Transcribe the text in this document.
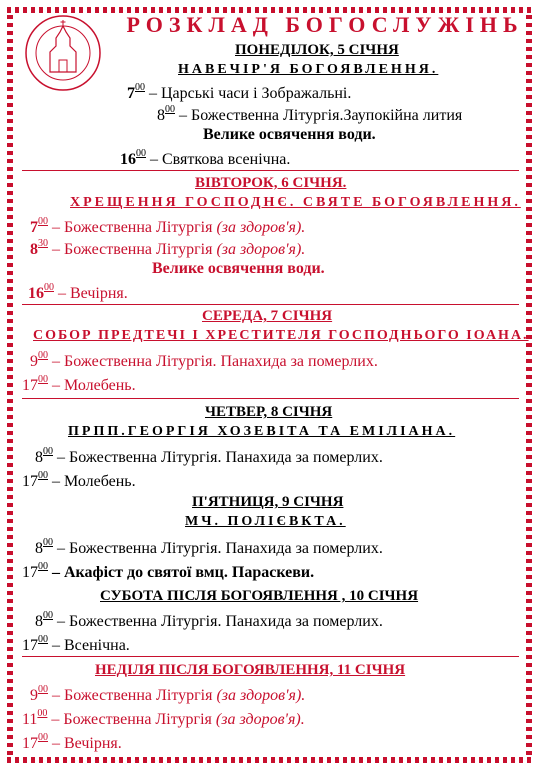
РОЗКЛАД БОГОСЛУЖІНЬ
ПОНЕДІЛОК, 5 СІЧНЯ
НАВЕЧІР'Я БОГОЯВЛЕННЯ.
$7^{00}$ – Царські часи і Зображальні.
$8^{00}$ – Божественна Літургія.Заупокійна лития
Велике освячення води.
$16^{00}$ – Святкова всенічна.
ВІВТОРОК, 6 СІЧНЯ.
ХРЕЩЕННЯ ГОСПОДНЄ. СВЯТЕ БОГОЯВЛЕННЯ.
$7^{00}$ – Божественна Літургія (за здоров'я).
$8^{30}$ – Божественна Літургія (за здоров'я).
Велике освячення води.
$16^{00}$ – Вечірня.
СЕРЕДА, 7 СІЧНЯ
СОБОР ПРЕДТЕЧІ І ХРЕСТИТЕЛЯ ГОСПОДНЬОГО ІОАНА.
$9^{00}$ – Божественна Літургія. Панахида за померлих.
$17^{00}$ – Молебень.
ЧЕТВЕР, 8 СІЧНЯ
ПРПП.ГЕОРГІЯ ХОЗЕВІТА ТА ЕМІЛІАНА.
$8^{00}$ – Божественна Літургія. Панахида за померлих.
$17^{00}$ – Молебень.
П'ЯТНИЦЯ, 9 СІЧНЯ
МЧ. ПОЛІЄВКТА.
$8^{00}$ – Божественна Літургія. Панахида за померлих.
$17^{00}$ – Акафіст до святої вмц. Параскеви.
СУБОТА ПІСЛЯ БОГОЯВЛЕННЯ , 10 СІЧНЯ
$8^{00}$ – Божественна Літургія. Панахида за померлих.
$17^{00}$ – Всенічна.
НЕДІЛЯ ПІСЛЯ БОГОЯВЛЕННЯ, 11 СІЧНЯ
$9^{00}$ – Божественна Літургія (за здоров'я).
$11^{00}$ – Божественна Літургія (за здоров'я).
$17^{00}$ – Вечірня.
